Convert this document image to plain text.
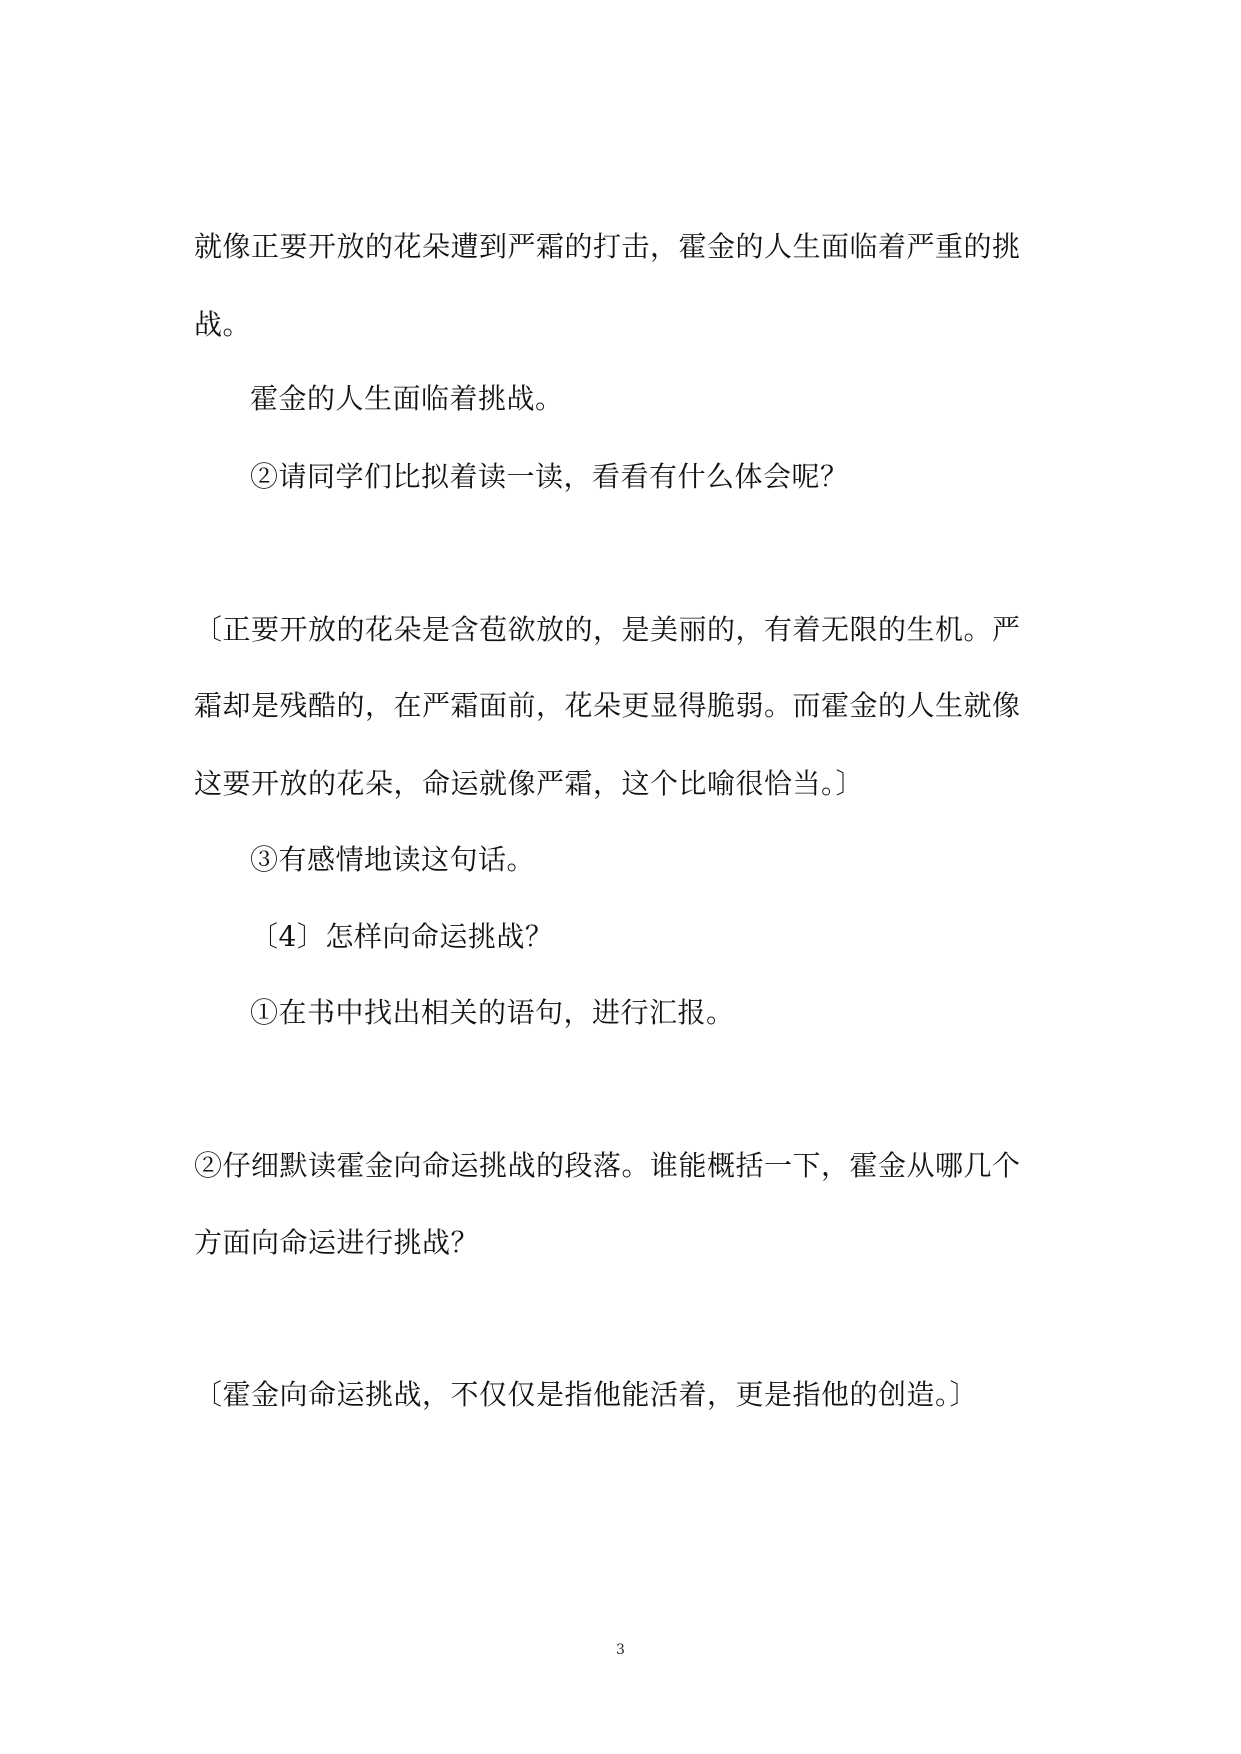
就像正要开放的花朵遭到严霜的打击，霍金的人生面临着严重的挑
战。
霍金的人生面临着挑战。
②请同学们比拟着读一读，看看有什么体会呢？
〔正要开放的花朵是含苞欲放的，是美丽的，有着无限的生机。严
霜却是残酷的，在严霜面前，花朵更显得脆弱。而霍金的人生就像
这要开放的花朵，命运就像严霜，这个比喻很恰当。〕
③有感情地读这句话。
〔4〕怎样向命运挑战？
①在书中找出相关的语句，进行汇报。
②仔细默读霍金向命运挑战的段落。谁能概括一下，霍金从哪几个
方面向命运进行挑战？
〔霍金向命运挑战，不仅仅是指他能活着，更是指他的创造。〕
3
